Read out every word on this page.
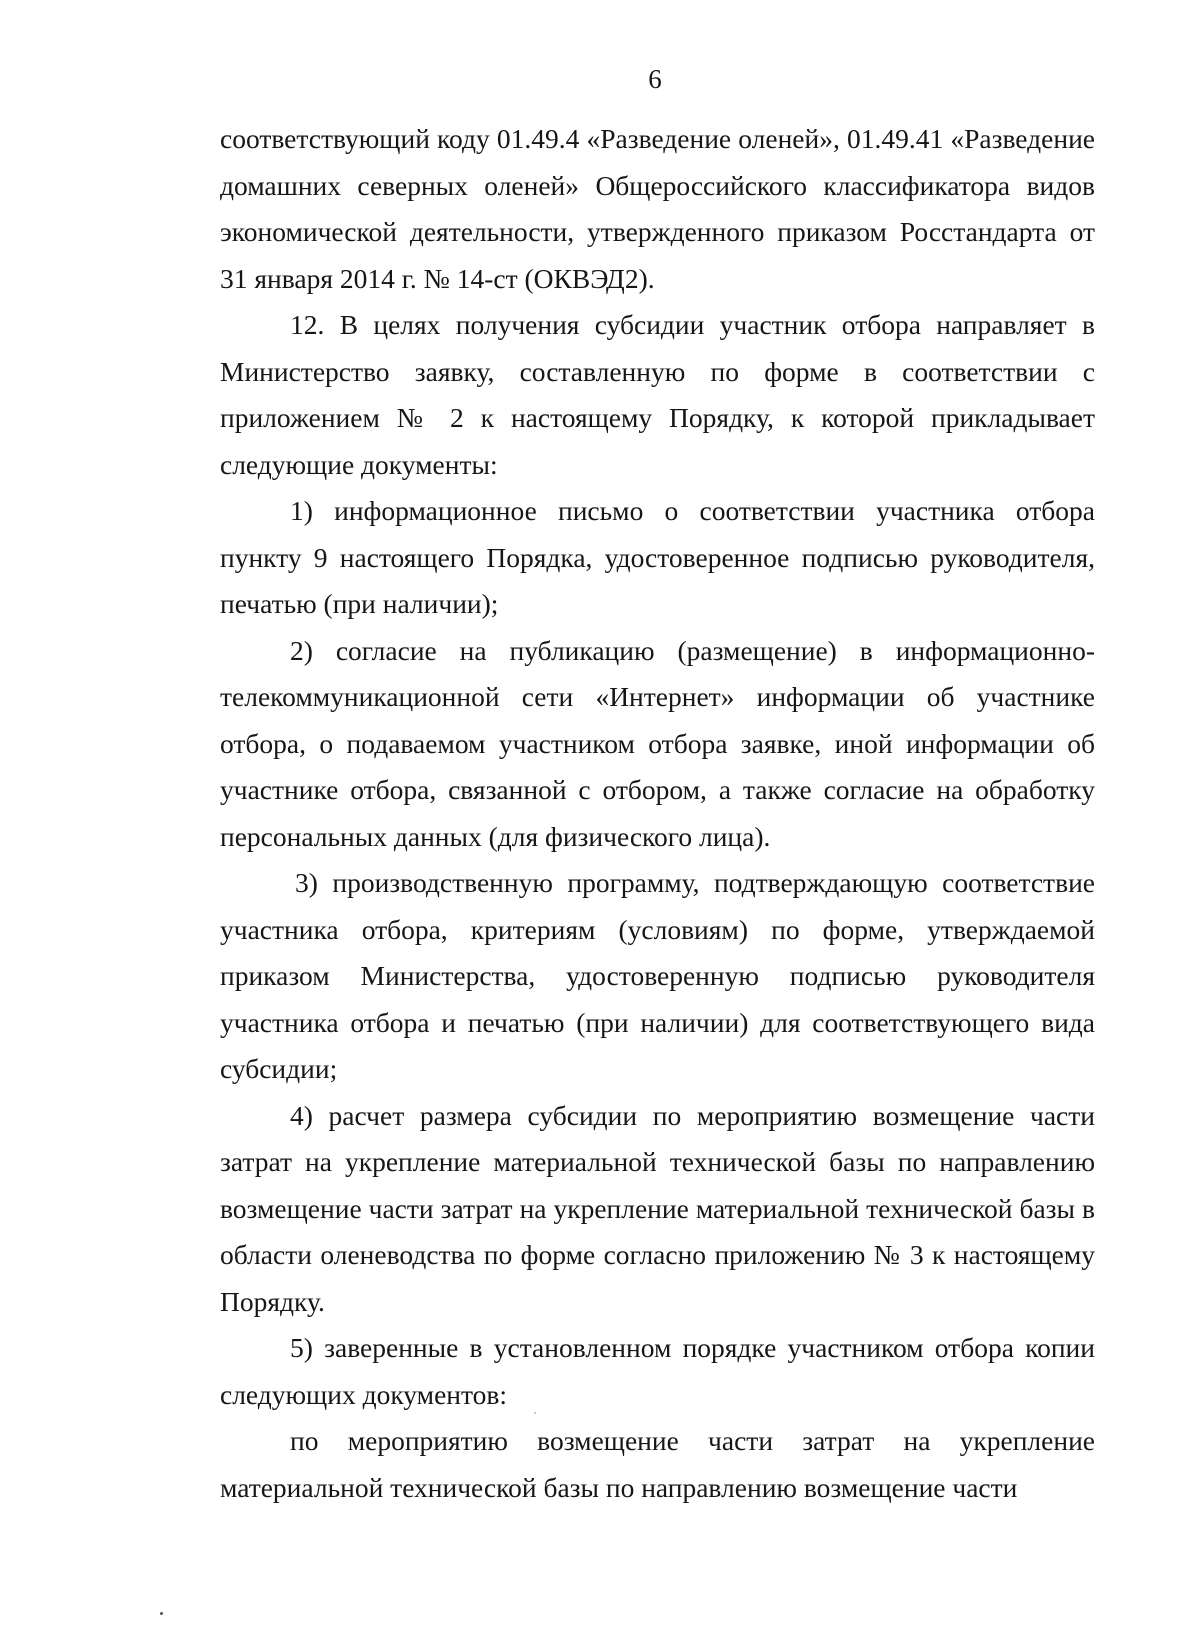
6

соответствующий коду 01.49.4 «Разведение оленей», 01.49.41 «Разведение домашних северных оленей» Общероссийского классификатора видов экономической деятельности, утвержденного приказом Росстандарта от 31 января 2014 г. № 14-ст (ОКВЭД2).

12. В целях получения субсидии участник отбора направляет в Министерство заявку, составленную по форме в соответствии с приложением № 2 к настоящему Порядку, к которой прикладывает следующие документы:

1) информационное письмо о соответствии участника отбора пункту 9 настоящего Порядка, удостоверенное подписью руководителя, печатью (при наличии);

2) согласие на публикацию (размещение) в информационно-телекоммуникационной сети «Интернет» информации об участнике отбора, о подаваемом участником отбора заявке, иной информации об участнике отбора, связанной с отбором, а также согласие на обработку персональных данных (для физического лица).

3) производственную программу, подтверждающую соответствие участника отбора, критериям (условиям) по форме, утверждаемой приказом Министерства, удостоверенную подписью руководителя участника отбора и печатью (при наличии) для соответствующего вида субсидии;

4) расчет размера субсидии по мероприятию возмещение части затрат на укрепление материальной технической базы по направлению возмещение части затрат на укрепление материальной технической базы в области оленеводства по форме согласно приложению № 3 к настоящему Порядку.

5) заверенные в установленном порядке участником отбора копии следующих документов:

по мероприятию возмещение части затрат на укрепление материальной технической базы по направлению возмещение части
